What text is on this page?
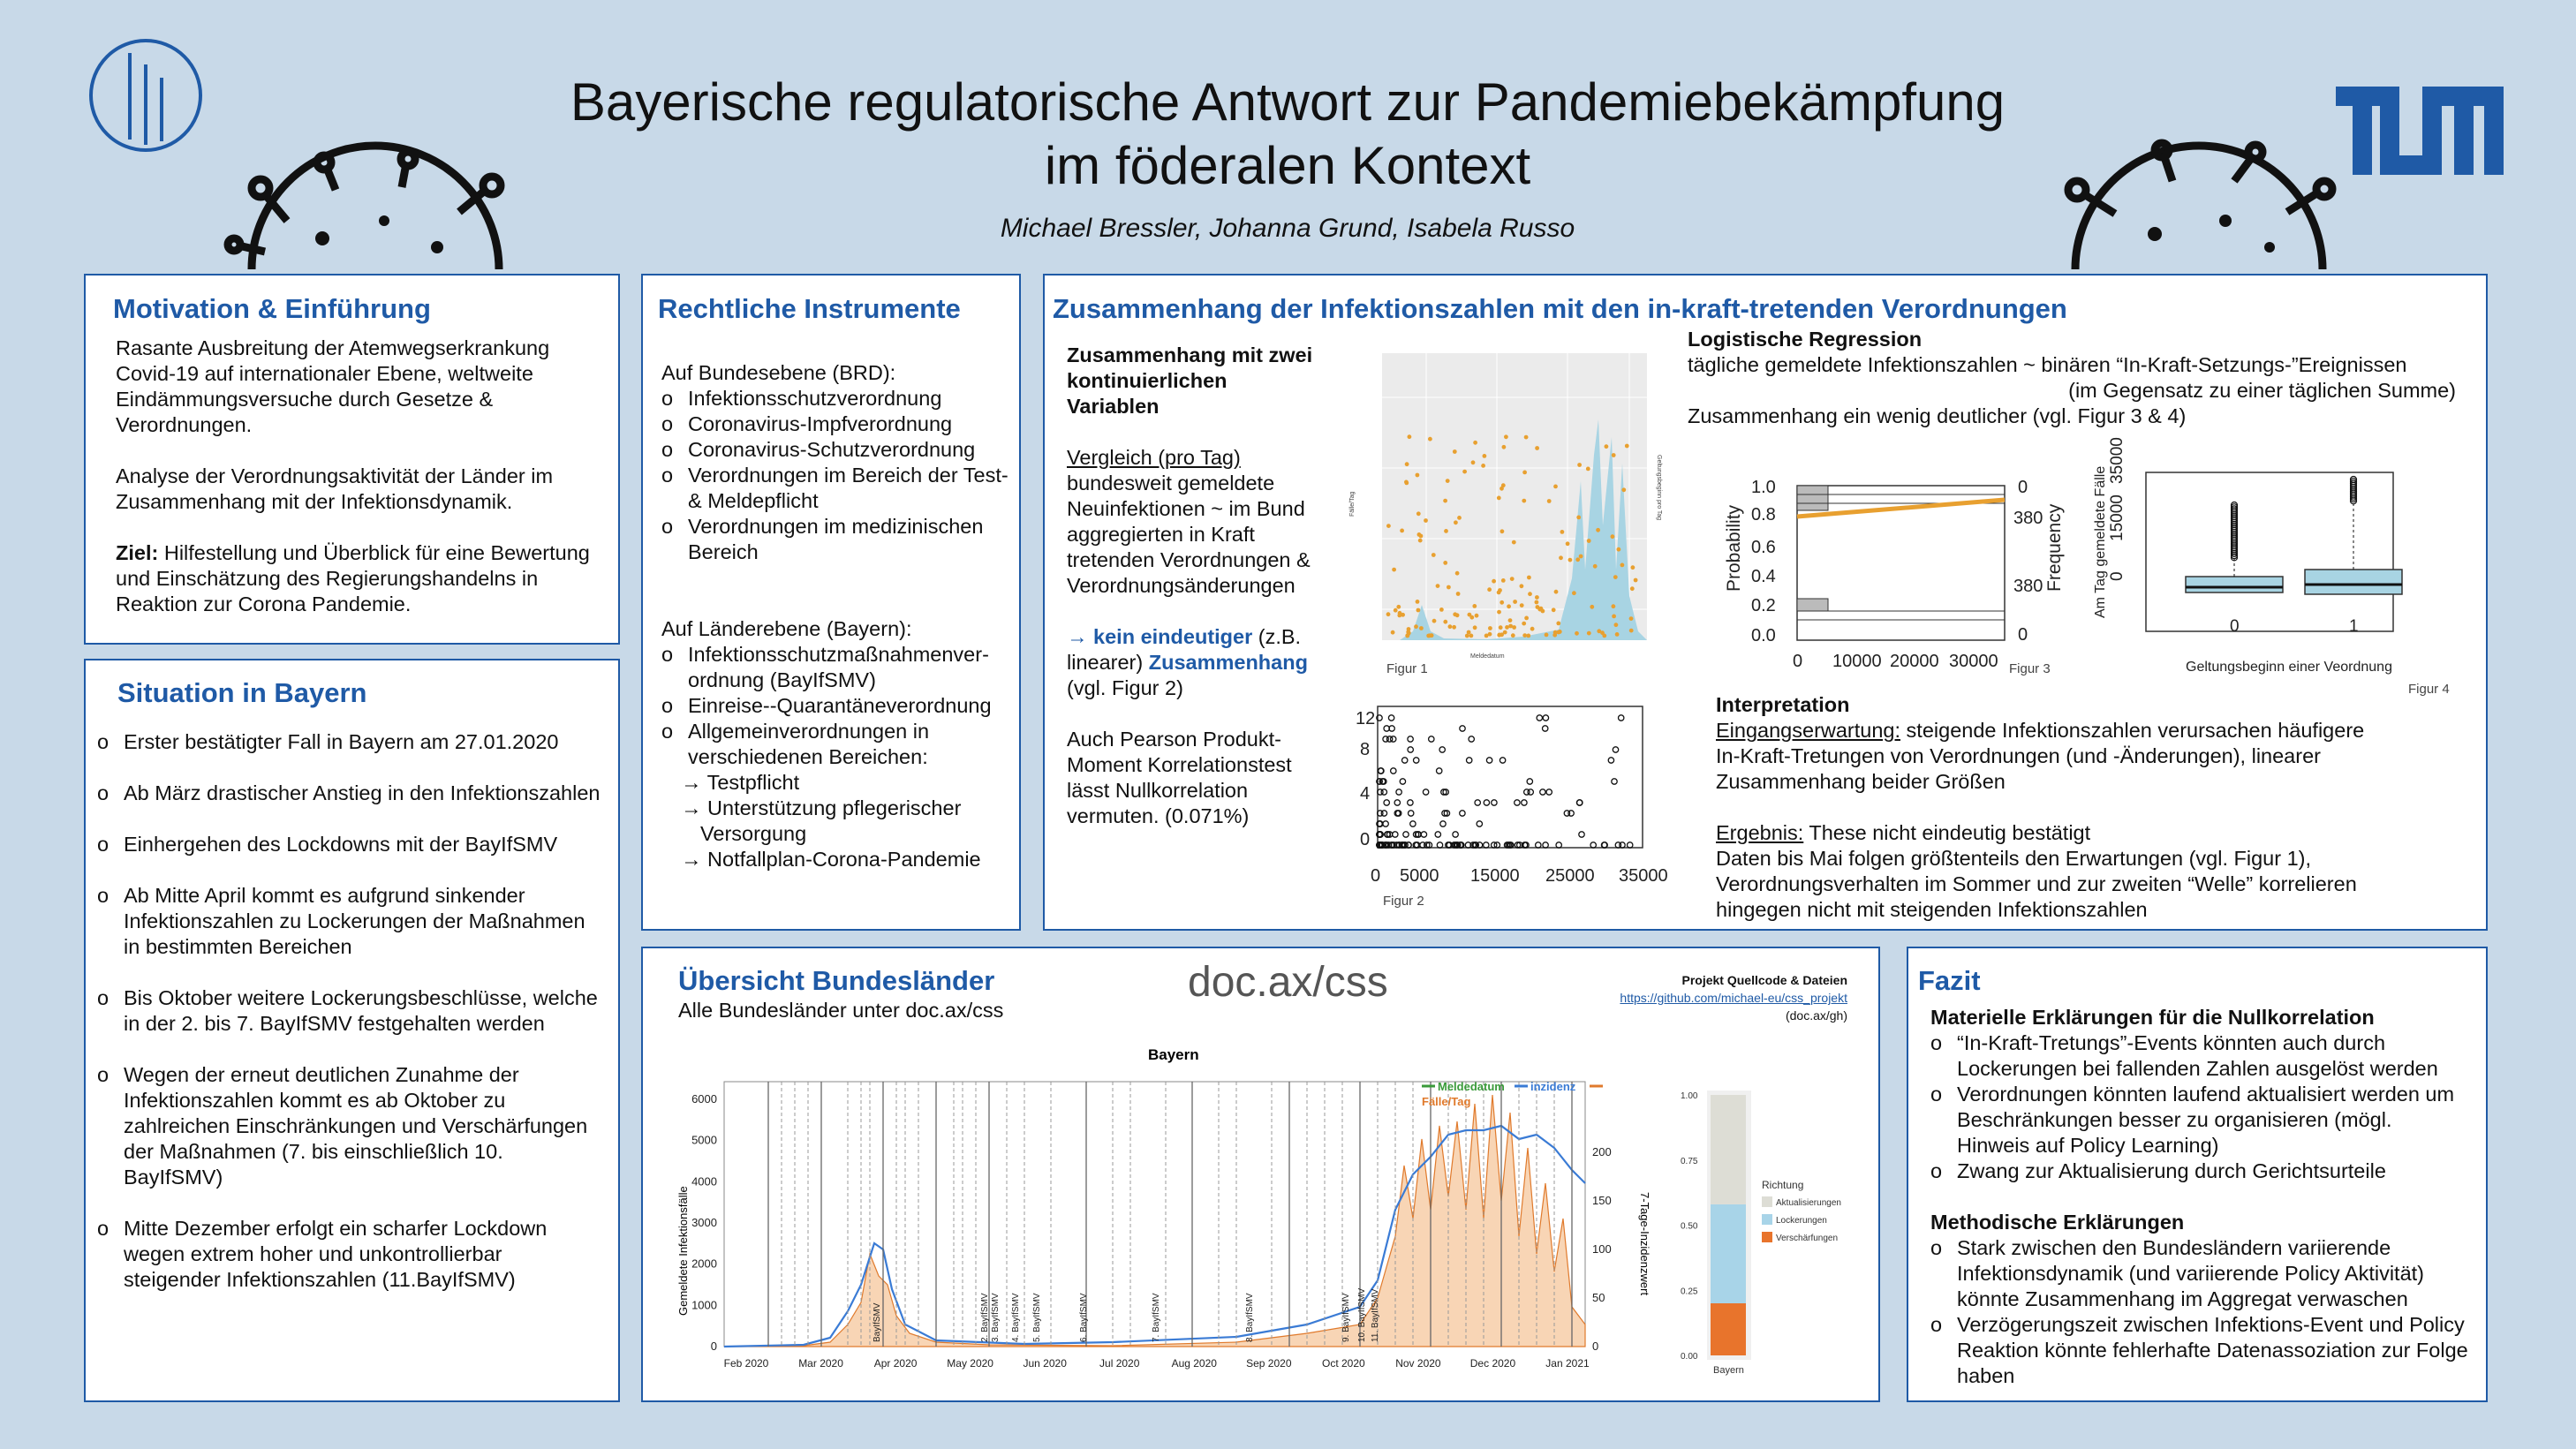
Bayerische regulatorische Antwort zur Pandemiebekämpfung
im föderalen Kontext
Michael Bressler, Johanna Grund, Isabela Russo
Motivation & Einführung

Rasante Ausbreitung der Atemwegserkrankung Covid-19 auf internationaler Ebene, weltweite Eindämmungsversuche durch Gesetze & Verordnungen.

Analyse der Verordnungsaktivität der Länder im Zusammenhang mit der Infektionsdynamik.

Ziel: Hilfestellung und Überblick für eine Bewertung und Einschätzung des Regierungshandelns in Reaktion zur Corona Pandemie.

Situation in Bayern
o Erster bestätigter Fall in Bayern am 27.01.2020
o Ab März drastischer Anstieg in den Infektionszahlen
o Einhergehen des Lockdowns mit der BayIfSMV
o Ab Mitte April kommt es aufgrund sinkender Infektionszahlen zu Lockerungen der Maßnahmen in bestimmten Bereichen
o Bis Oktober weitere Lockerungsbeschlüsse, welche in der 2. bis 7. BayIfSMV festgehalten werden
o Wegen der erneut deutlichen Zunahme der Infektionszahlen kommt es ab Oktober zu zahlreichen Einschränkungen und Verschärfungen der Maßnahmen (7. bis einschließlich 10. BayIfSMV)
o Mitte Dezember erfolgt ein scharfer Lockdown wegen extrem hoher und unkontrollierbar steigender Infektionszahlen (11.BayIfSMV)
Rechtliche Instrumente

Auf Bundesebene (BRD):

o Infektionsschutzverordnung
o Coronavirus-Impfverordnung
o Coronavirus-Schutzverordnung
o Verordnungen im Bereich der Test- & Meldepflicht
o Verordnungen im medizinischen Bereich

Auf Länderebene (Bayern):

o Infektionsschutzmaßnahmenver-ordnung (BayIfSMV)
o Einreise--Quarantäneverordnung
o Allgemeinverordnungen in verschiedenen Bereichen:
→ Testpflicht
→ Unterstützung pflegerischer Versorgung
→ Notfallplan-Corona-Pandemie
Zusammenhang der Infektionszahlen mit den in-kraft-tretenden Verordnungen

Zusammenhang mit zwei kontinuierlichen Variablen

Vergleich (pro Tag)

bundesweit gemeldete Neuinfektionen ~ im Bund aggregierten in Kraft tretenden Verordnungen & Verordnungsänderungen

→ kein eindeutiger (z.B. linearer) Zusammenhang (vgl. Figur 2)

Auch Pearson Produkt-Moment Korrelationstest lässt Nullkorrelation vermuten. (0.071%)

Meldedatum
Fälle/Tag	Geltungsbeginn pro Tag
Figur 1
12
8
4
0
0 5000 15000 25000 35000
Figur 2

Logistische Regression

tägliche gemeldete Infektionszahlen ~ binären “In-Kraft-Setzungs-”Ereignissen

(im Gegensatz zu einer täglichen Summe)

Zusammenhang ein wenig deutlicher (vgl. Figur 3 & 4)

1.0
0.8
0.6
0.4
0.2
0.0
0 10000 20000 30000
0
380
380
0
Probability	Frequency
Figur 3
35000
15000
0
0	1
Am Tag gemeldete Fälle
Geltungsbeginn einer Veordnung
Figur 4

Interpretation

Eingangserwartung: steigende Infektionszahlen verursachen häufigere In-Kraft-Tretungen von Verordnungen (und -Änderungen), linearer Zusammenhang beider Größen

Ergebnis: These nicht eindeutig bestätigt

Daten bis Mai folgen größtenteils den Erwartungen (vgl. Figur 1), Verordnungsverhalten im Sommer und zur zweiten “Welle” korrelieren hingegen nicht mit steigenden Infektionszahlen

Übersicht Bundesländer
Alle Bundesländer unter doc.ax/css
doc.ax/css	Projekt Quellcode & Dateien
https://github.com/michael-eu/css_projekt
(doc.ax/gh)
Bayern
BayIfSMV	2. BayIfSMV 3. BayIfSMV 4. BayIfSMV 5. BayIfSMV	6. BayIfSMV	7. BayIfSMV	8. BayIfSMV	9. BayIfSMV 10. BayIfSMV 11. BayIfSMV
0
1000
2000
3000
4000
5000
6000
0
50
100
150
200
Feb 2020	Mar 2020	Apr 2020	May 2020	Jun 2020	Jul 2020	Aug 2020	Sep 2020	Oct 2020	Nov 2020	Dec 2020	Jan 2021
Gemeldete Infektionsfälle	7-Tage-Inzidenzwert
Meldedatum inzidenz
Fälle/Tag
0.00
0.25
0.50
0.75
1.00
Bayern
Richtung
Aktualisierungen
Lockerungen
Verschärfungen
Fazit

Materielle Erklärungen für die Nullkorrelation

o “In-Kraft-Tretungs”-Events könnten auch durch Lockerungen bei fallenden Zahlen ausgelöst werden
o Verordnungen könnten laufend aktualisiert werden um Beschränkungen besser zu organisieren (mögl. Hinweis auf Policy Learning)
o Zwang zur Aktualisierung durch Gerichtsurteile

Methodische Erklärungen

o Stark zwischen den Bundesländern variierende Infektionsdynamik (und variierende Policy Aktivität) könnte Zusammenhang im Aggregat verwaschen
o Verzögerungszeit zwischen Infektions-Event und Policy Reaktion könnte fehlerhafte Datenassoziation zur Folge haben
